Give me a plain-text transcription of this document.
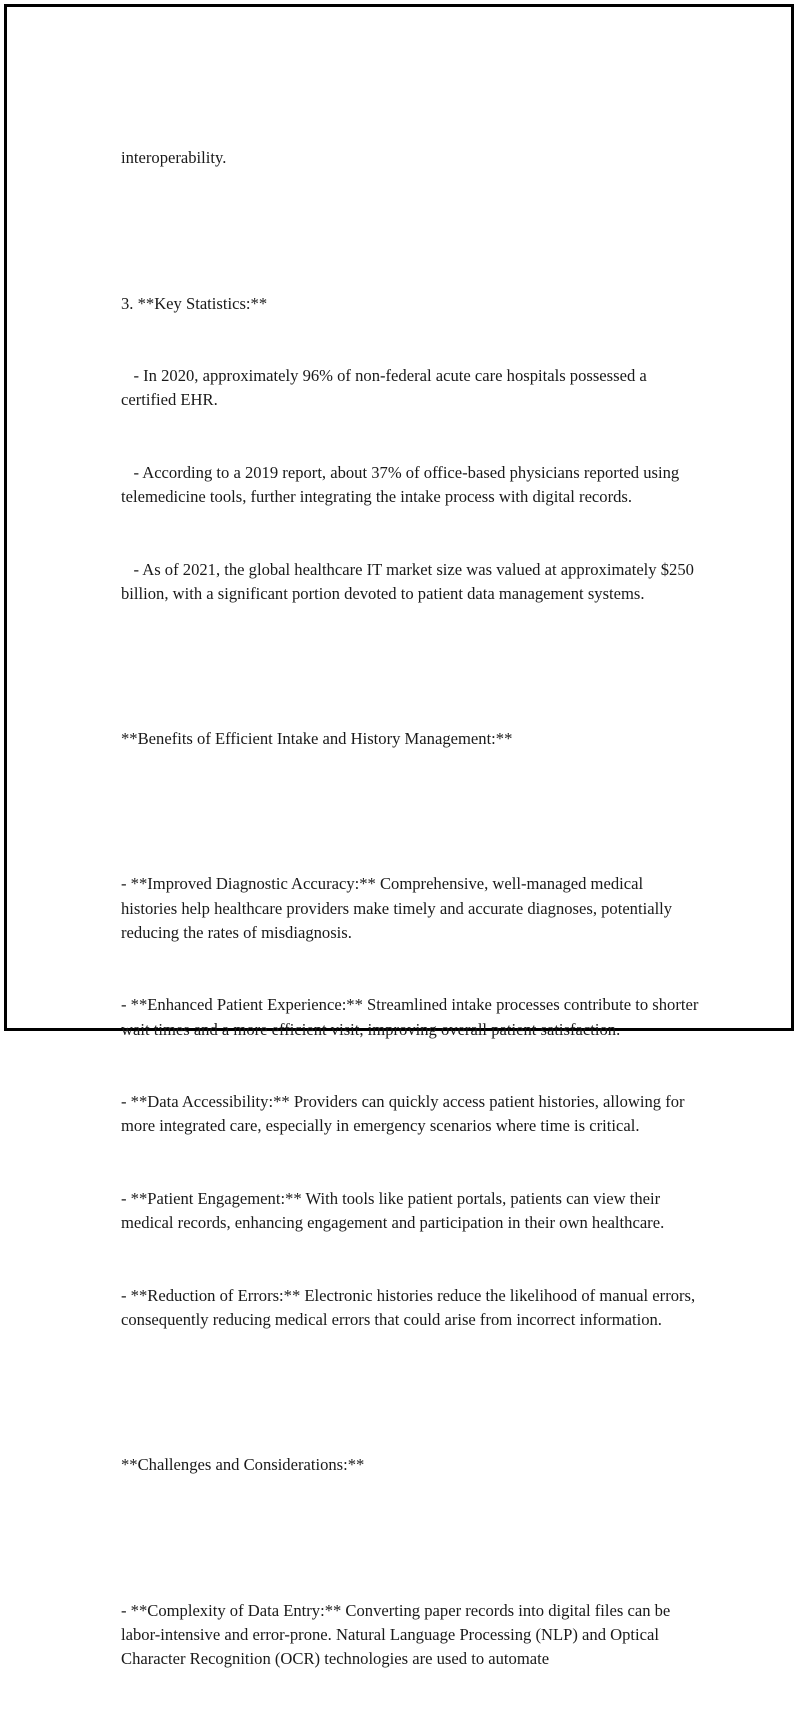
interoperability.

3. **Key Statistics:**

- In 2020, approximately 96% of non-federal acute care hospitals possessed a certified EHR.

- According to a 2019 report, about 37% of office-based physicians reported using telemedicine tools, further integrating the intake process with digital records.

- As of 2021, the global healthcare IT market size was valued at approximately $250 billion, with a significant portion devoted to patient data management systems.

**Benefits of Efficient Intake and History Management:**

- **Improved Diagnostic Accuracy:** Comprehensive, well-managed medical histories help healthcare providers make timely and accurate diagnoses, potentially reducing the rates of misdiagnosis.

- **Enhanced Patient Experience:** Streamlined intake processes contribute to shorter wait times and a more efficient visit, improving overall patient satisfaction.

- **Data Accessibility:** Providers can quickly access patient histories, allowing for more integrated care, especially in emergency scenarios where time is critical.

- **Patient Engagement:** With tools like patient portals, patients can view their medical records, enhancing engagement and participation in their own healthcare.

- **Reduction of Errors:** Electronic histories reduce the likelihood of manual errors, consequently reducing medical errors that could arise from incorrect information.

**Challenges and Considerations:**

- **Complexity of Data Entry:** Converting paper records into digital files can be labor-intensive and error-prone. Natural Language Processing (NLP) and Optical Character Recognition (OCR) technologies are used to automate
